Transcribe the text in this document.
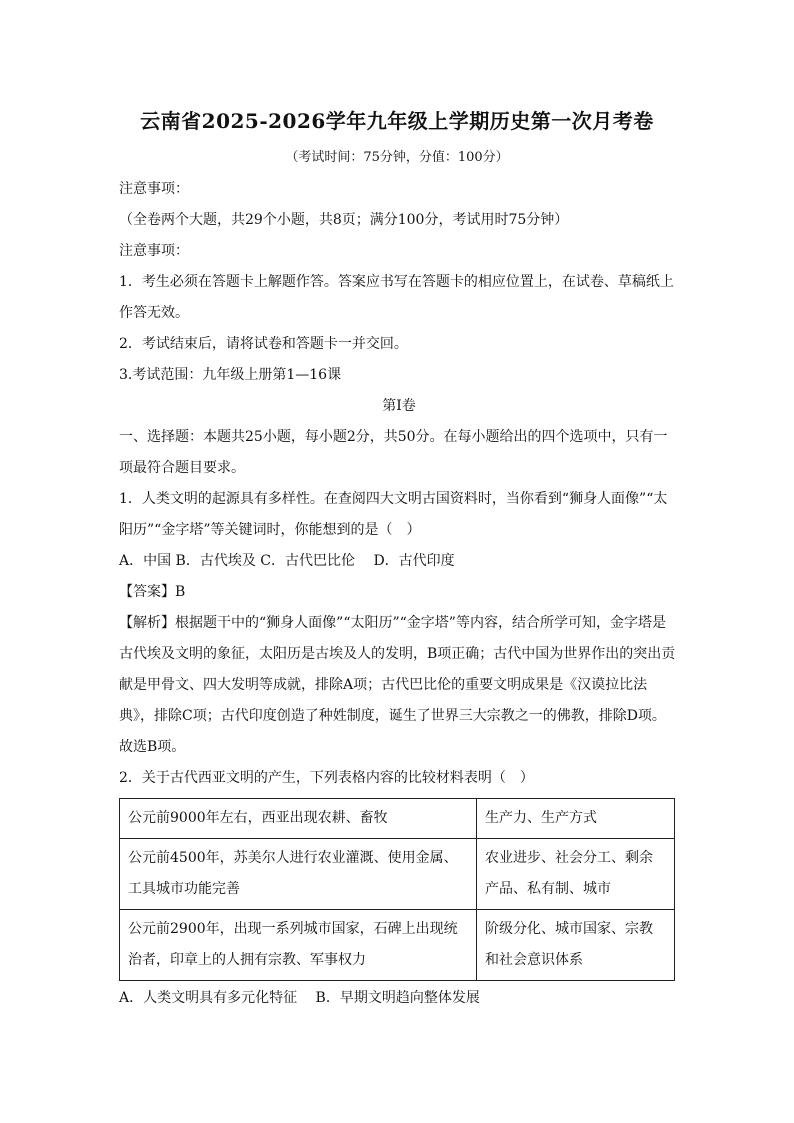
云南省2025-2026学年九年级上学期历史第一次月考卷
（考试时间：75分钟，分值：100分）
注意事项：
（全卷两个大题，共29个小题，共8页；满分100分，考试用时75分钟）
注意事项：
1．考生必须在答题卡上解题作答。答案应书写在答题卡的相应位置上，在试卷、草稿纸上作答无效。
2．考试结束后，请将试卷和答题卡一并交回。
3.考试范围：九年级上册第1—16课
第Ⅰ卷
一、选择题：本题共25小题，每小题2分，共50分。在每小题给出的四个选项中，只有一项最符合题目要求。
1．人类文明的起源具有多样性。在查阅四大文明古国资料时，当你看到“狮身人面像”“太阳历”“金字塔”等关键词时，你能想到的是（　）
A．中国 B．古代埃及 C．古代巴比伦　 D．古代印度
【答案】B
【解析】根据题干中的“狮身人面像”“太阳历”“金字塔”等内容，结合所学可知，金字塔是古代埃及文明的象征，太阳历是古埃及人的发明，B项正确；古代中国为世界作出的突出贡献是甲骨文、四大发明等成就，排除A项；古代巴比伦的重要文明成果是《汉谟拉比法典》，排除C项；古代印度创造了种姓制度，诞生了世界三大宗教之一的佛教，排除D项。故选B项。
2．关于古代西亚文明的产生，下列表格内容的比较材料表明（　）
公元前9000年左右，西亚出现农耕、畜牧	生产力、生产方式
公元前4500年，苏美尔人进行农业灌溉、使用金属、工具城市功能完善	农业进步、社会分工、剩余产品、私有制、城市
公元前2900年，出现一系列城市国家，石碑上出现统治者，印章上的人拥有宗教、军事权力	阶级分化、城市国家、宗教和社会意识体系
A．人类文明具有多元化特征　 B．早期文明趋向整体发展
